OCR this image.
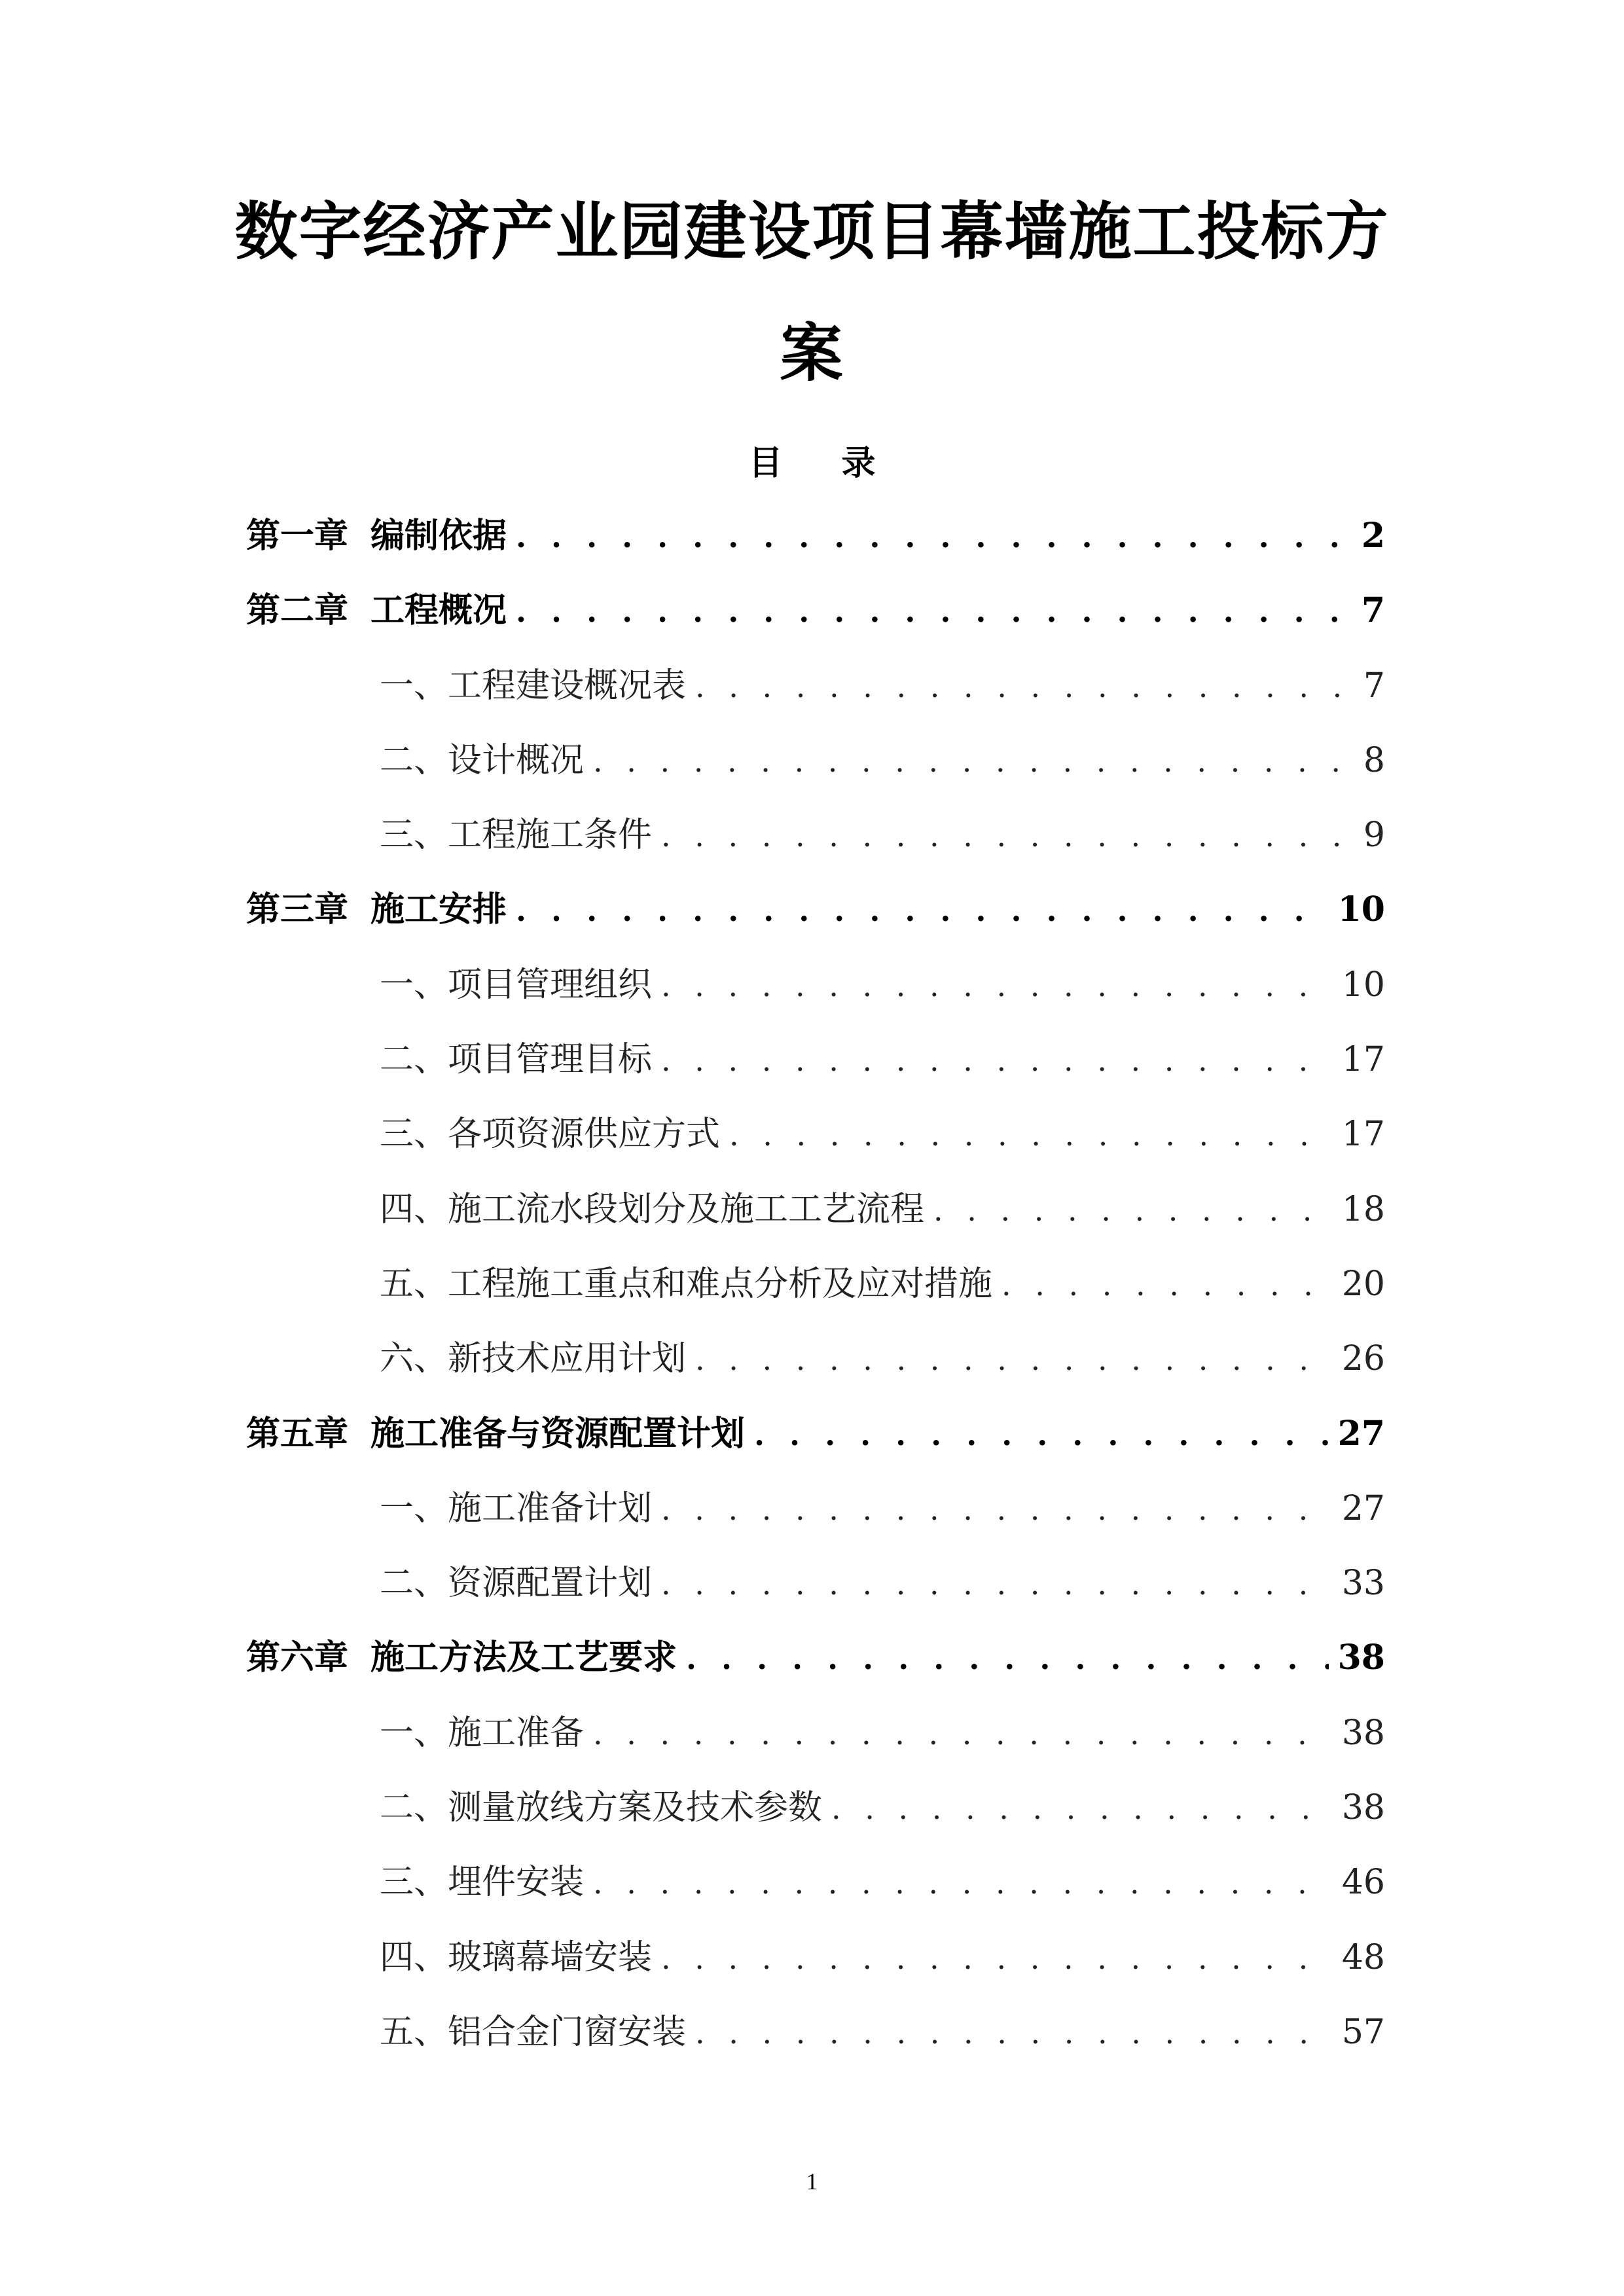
数字经济产业园建设项目幕墙施工投标方
案
目 录
第一章 编制依据 . . .	2
第二章 工程概况 . . .	7
一、 工程建设概况表 . . .	7
二、 设计概况 . . .	8
三、 工程施工条件 . . .	9
第三章 施工安排 . . .	10
一、 项目管理组织 . . .	10
二、 项目管理目标 . . .	17
三、 各项资源供应方式 . . .	17
四、 施工流水段划分及施工工艺流程 . . .	18
五、 工程施工重点和难点分析及应对措施 . . .	20
六、 新技术应用计划 . . .	26
第五章 施工准备与资源配置计划 . . .	27
一、 施工准备计划 . . .	27
二、 资源配置计划 . . .	33
第六章 施工方法及工艺要求 . . .	38
一、 施工准备 . . .	38
二、 测量放线方案及技术参数 . . .	38
三、 埋件安装 . . .	46
四、 玻璃幕墙安装 . . .	48
五、 铝合金门窗安装 . . .	57
1
